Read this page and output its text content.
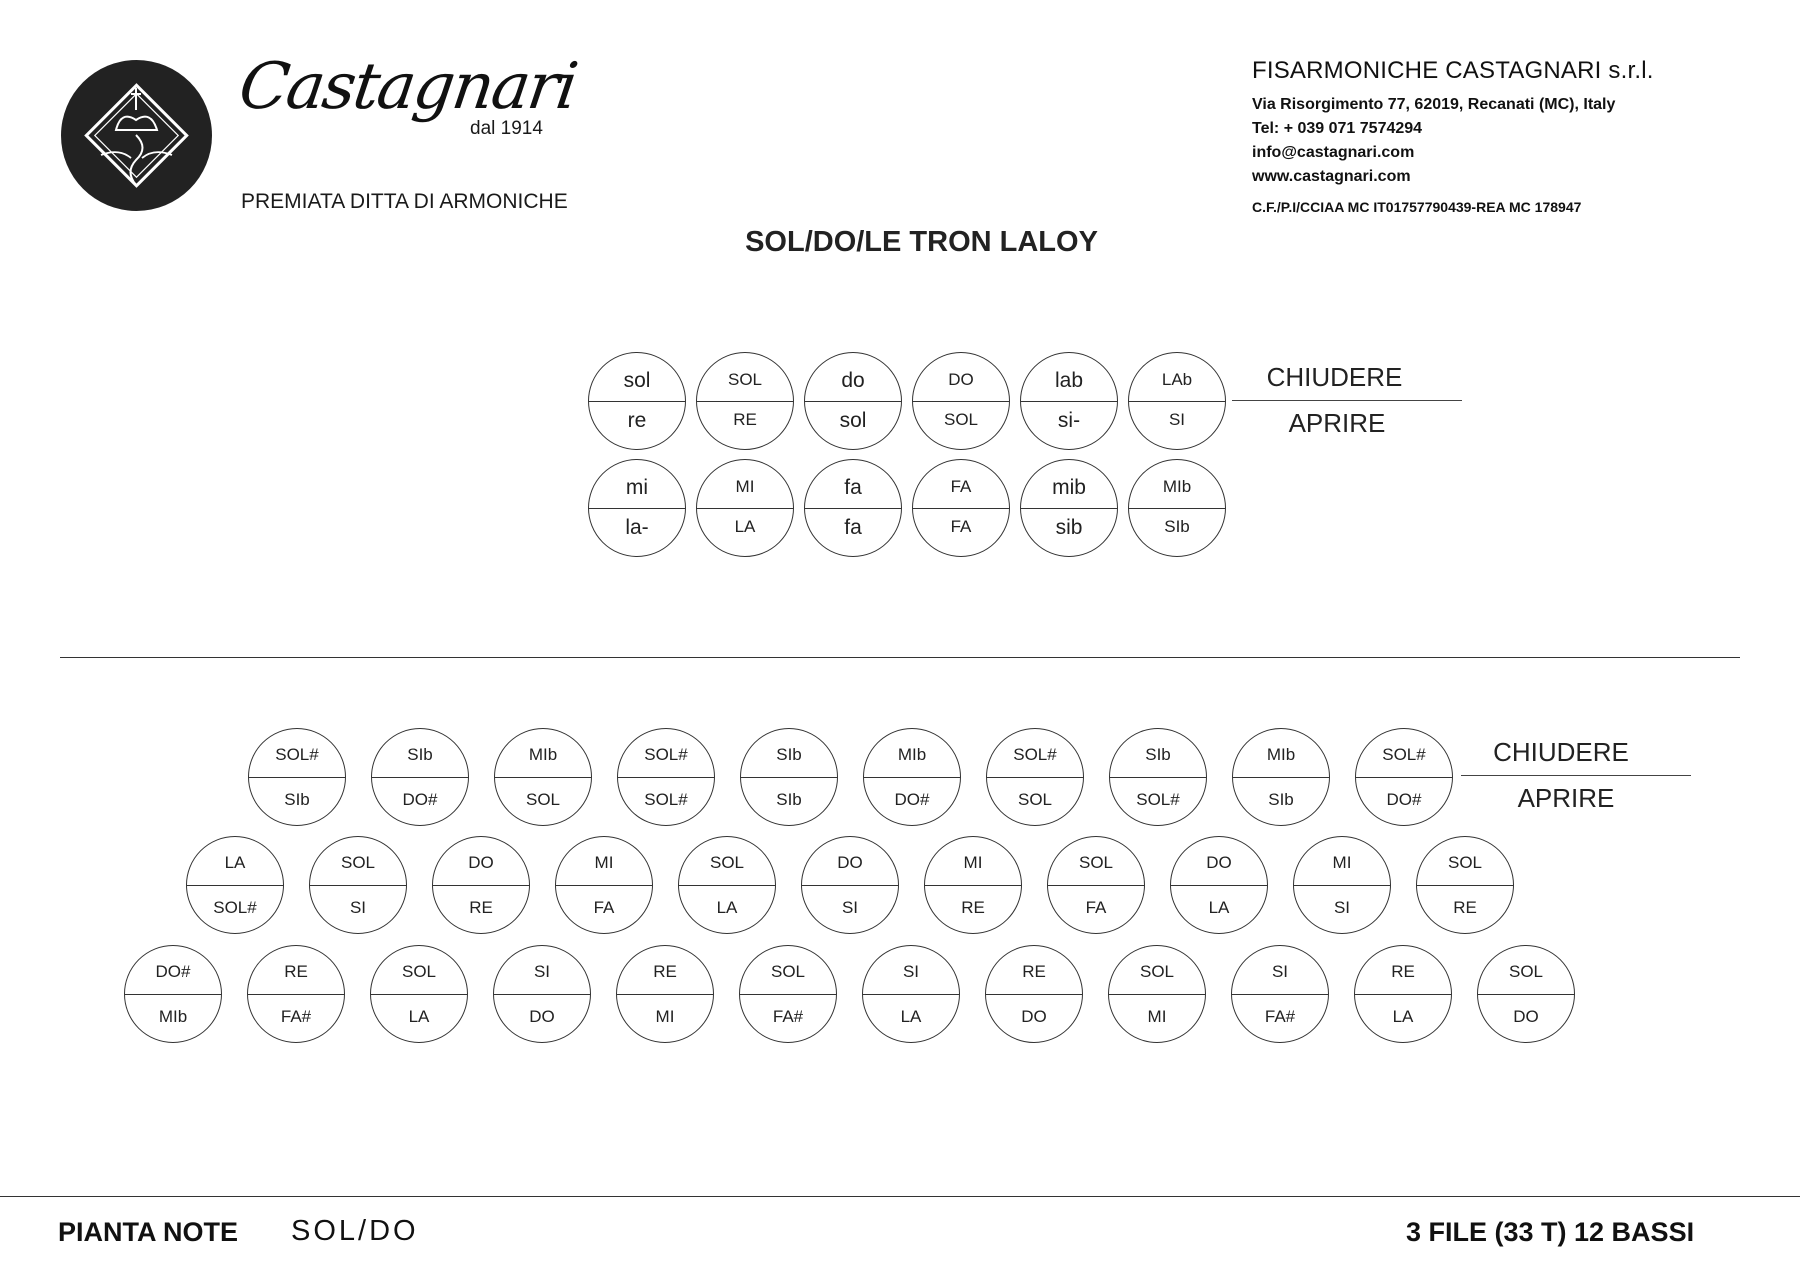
Castagnari
dal 1914
PREMIATA DITTA DI ARMONICHE
FISARMONICHE CASTAGNARI s.r.l.
Via Risorgimento 77, 62019, Recanati (MC), Italy
Tel: + 039 071 7574294
info@castagnari.com
www.castagnari.com
C.F./P.I/CCIAA MC IT01757790439-REA MC 178947
SOL/DO/LE TRON LALOY
sol
re
SOL
RE
do
sol
DO
SOL
lab
si-
LAb
SI
mi
la-
MI
LA
fa
fa
FA
FA
mib
sib
MIb
SIb
CHIUDERE
APRIRE
SOL#
SIb
SIb
DO#
MIb
SOL
SOL#
SOL#
SIb
SIb
MIb
DO#
SOL#
SOL
SIb
SOL#
MIb
SIb
SOL#
DO#
LA
SOL#
SOL
SI
DO
RE
MI
FA
SOL
LA
DO
SI
MI
RE
SOL
FA
DO
LA
MI
SI
SOL
RE
DO#
MIb
RE
FA#
SOL
LA
SI
DO
RE
MI
SOL
FA#
SI
LA
RE
DO
SOL
MI
SI
FA#
RE
LA
SOL
DO
CHIUDERE
APRIRE
PIANTA NOTE SOL/DO	3 FILE (33 T) 12 BASSI
